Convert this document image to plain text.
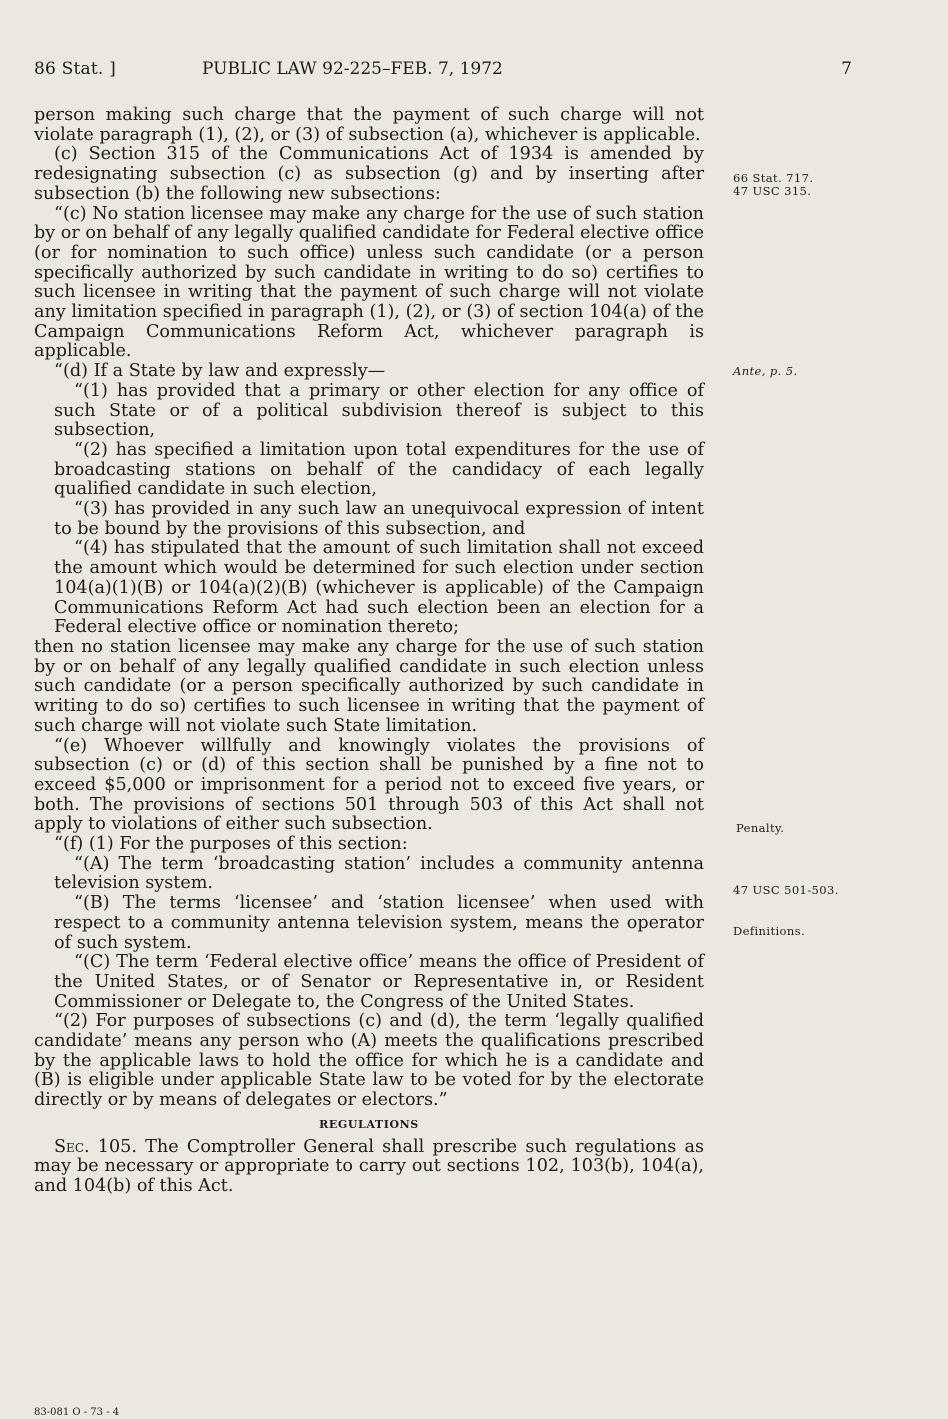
86 Stat. ]	PUBLIC LAW 92-225–FEB. 7, 1972	7

person making such charge that the payment of such charge will not violate paragraph (1), (2), or (3) of subsection (a), whichever is applicable.

(c) Section 315 of the Communications Act of 1934 is amended by redesignating subsection (c) as subsection (g) and by inserting after subsection (b) the following new subsections:

“(c) No station licensee may make any charge for the use of such station by or on behalf of any legally qualified candidate for Federal elective office (or for nomination to such office) unless such candidate (or a person specifically authorized by such candidate in writing to do so) certifies to such licensee in writing that the payment of such charge will not violate any limitation specified in paragraph (1), (2), or (3) of section 104(a) of the Campaign Communications Reform Act, whichever paragraph is applicable.

“(d) If a State by law and expressly—

“(1) has provided that a primary or other election for any office of such State or of a political subdivision thereof is subject to this subsection,

“(2) has specified a limitation upon total expenditures for the use of broadcasting stations on behalf of the candidacy of each legally qualified candidate in such election,

“(3) has provided in any such law an unequivocal expression of intent to be bound by the provisions of this subsection, and

“(4) has stipulated that the amount of such limitation shall not exceed the amount which would be determined for such election under section 104(a)(1)(B) or 104(a)(2)(B) (whichever is applicable) of the Campaign Communications Reform Act had such election been an election for a Federal elective office or nomination thereto;

then no station licensee may make any charge for the use of such station by or on behalf of any legally qualified candidate in such election unless such candidate (or a person specifically authorized by such candidate in writing to do so) certifies to such licensee in writing that the payment of such charge will not violate such State limitation.

“(e) Whoever willfully and knowingly violates the provisions of subsection (c) or (d) of this section shall be punished by a fine not to exceed $5,000 or imprisonment for a period not to exceed five years, or both. The provisions of sections 501 through 503 of this Act shall not apply to violations of either such subsection.

“(f) (1) For the purposes of this section:

“(A) The term ‘broadcasting station’ includes a community antenna television system.

“(B) The terms ‘licensee’ and ‘station licensee’ when used with respect to a community antenna television system, means the operator of such system.

“(C) The term ‘Federal elective office’ means the office of President of the United States, or of Senator or Representative in, or Resident Commissioner or Delegate to, the Congress of the United States.

“(2) For purposes of subsections (c) and (d), the term ‘legally qualified candidate’ means any person who (A) meets the qualifications prescribed by the applicable laws to hold the office for which he is a candidate and (B) is eligible under applicable State law to be voted for by the electorate directly or by means of delegates or electors.”

REGULATIONS

Sec. 105. The Comptroller General shall prescribe such regulations as may be necessary or appropriate to carry out sections 102, 103(b), 104(a), and 104(b) of this Act.

66 Stat. 717.
47 USC 315.
Ante, p. 5.
Penalty.
47 USC 501-503.
Definitions.
83-081 O - 73 - 4
